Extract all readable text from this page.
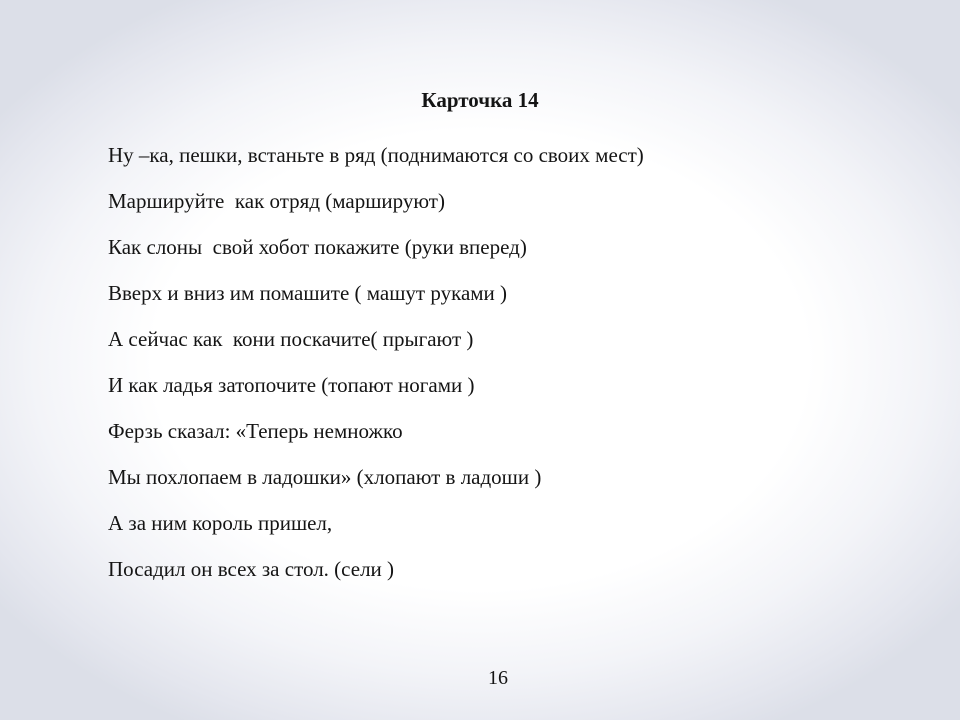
Карточка 14
Ну –ка, пешки, встаньте в ряд (поднимаются со своих мест)
Маршируйте  как отряд (маршируют)
Как слоны  свой хобот покажите (руки вперед)
Вверх и вниз им помашите ( машут руками )
А сейчас как  кони поскачите( прыгают )
И как ладья затопочите (топают ногами )
Ферзь сказал: «Теперь немножко
Мы похлопаем в ладошки» (хлопают в ладоши )
А за ним король пришел,
Посадил он всех за стол. (сели )
16
